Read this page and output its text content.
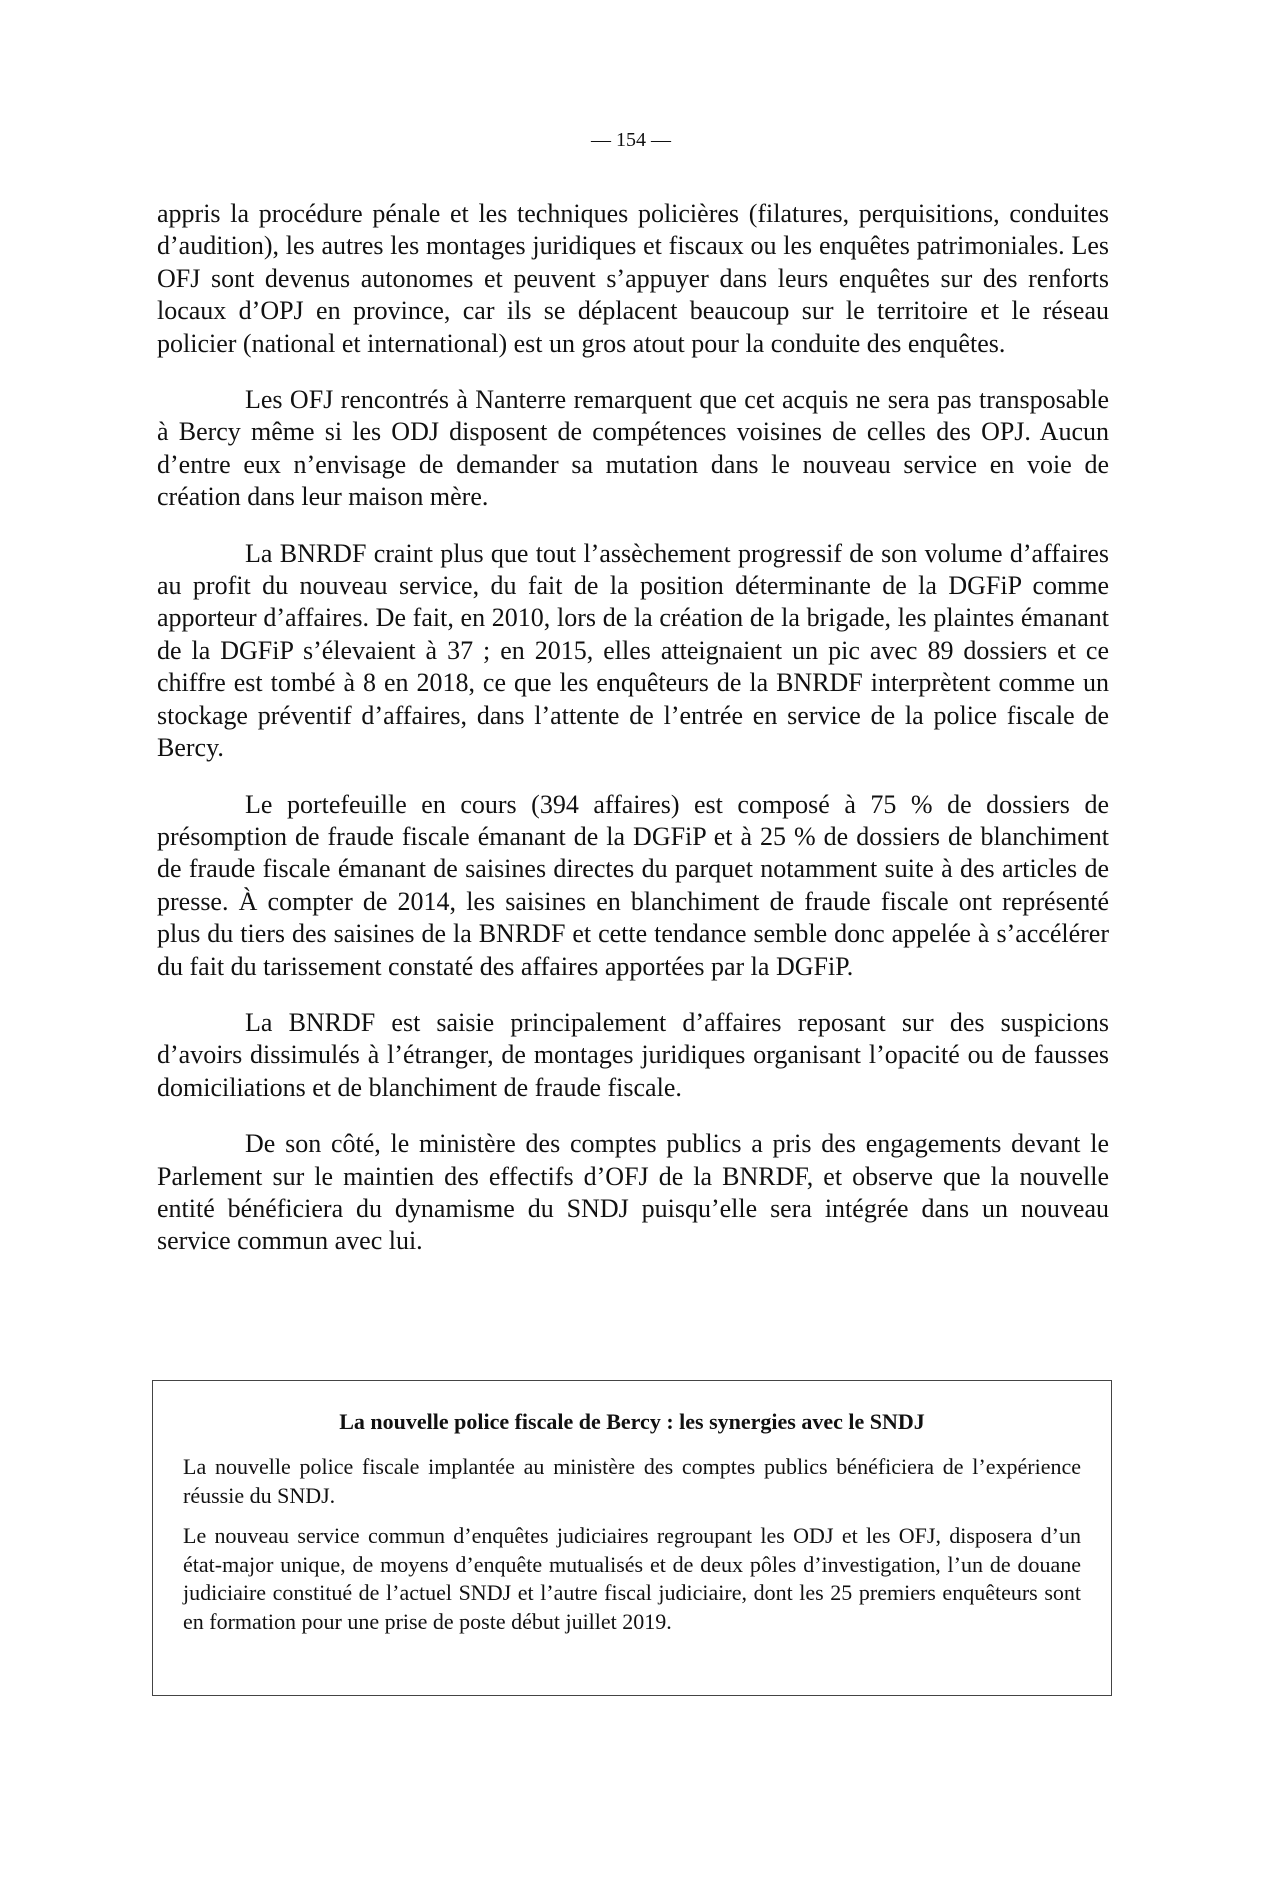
— 154 —

appris la procédure pénale et les techniques policières (filatures, perquisitions, conduites d’audition), les autres les montages juridiques et fiscaux ou les enquêtes patrimoniales. Les OFJ sont devenus autonomes et peuvent s’appuyer dans leurs enquêtes sur des renforts locaux d’OPJ en province, car ils se déplacent beaucoup sur le territoire et le réseau policier (national et international) est un gros atout pour la conduite des enquêtes.

Les OFJ rencontrés à Nanterre remarquent que cet acquis ne sera pas transposable à Bercy même si les ODJ disposent de compétences voisines de celles des OPJ. Aucun d’entre eux n’envisage de demander sa mutation dans le nouveau service en voie de création dans leur maison mère.

La BNRDF craint plus que tout l’assèchement progressif de son volume d’affaires au profit du nouveau service, du fait de la position déterminante de la DGFiP comme apporteur d’affaires. De fait, en 2010, lors de la création de la brigade, les plaintes émanant de la DGFiP s’élevaient à 37 ; en 2015, elles atteignaient un pic avec 89 dossiers et ce chiffre est tombé à 8 en 2018, ce que les enquêteurs de la BNRDF interprètent comme un stockage préventif d’affaires, dans l’attente de l’entrée en service de la police fiscale de Bercy.

Le portefeuille en cours (394 affaires) est composé à 75 % de dossiers de présomption de fraude fiscale émanant de la DGFiP et à 25 % de dossiers de blanchiment de fraude fiscale émanant de saisines directes du parquet notamment suite à des articles de presse. À compter de 2014, les saisines en blanchiment de fraude fiscale ont représenté plus du tiers des saisines de la BNRDF et cette tendance semble donc appelée à s’accélérer du fait du tarissement constaté des affaires apportées par la DGFiP.

La BNRDF est saisie principalement d’affaires reposant sur des suspicions d’avoirs dissimulés à l’étranger, de montages juridiques organisant l’opacité ou de fausses domiciliations et de blanchiment de fraude fiscale.

De son côté, le ministère des comptes publics a pris des engagements devant le Parlement sur le maintien des effectifs d’OFJ de la BNRDF, et observe que la nouvelle entité bénéficiera du dynamisme du SNDJ puisqu’elle sera intégrée dans un nouveau service commun avec lui.

La nouvelle police fiscale de Bercy : les synergies avec le SNDJ

La nouvelle police fiscale implantée au ministère des comptes publics bénéficiera de l’expérience réussie du SNDJ.

Le nouveau service commun d’enquêtes judiciaires regroupant les ODJ et les OFJ, disposera d’un état-major unique, de moyens d’enquête mutualisés et de deux pôles d’investigation, l’un de douane judiciaire constitué de l’actuel SNDJ et l’autre fiscal judiciaire, dont les 25 premiers enquêteurs sont en formation pour une prise de poste début juillet 2019.
